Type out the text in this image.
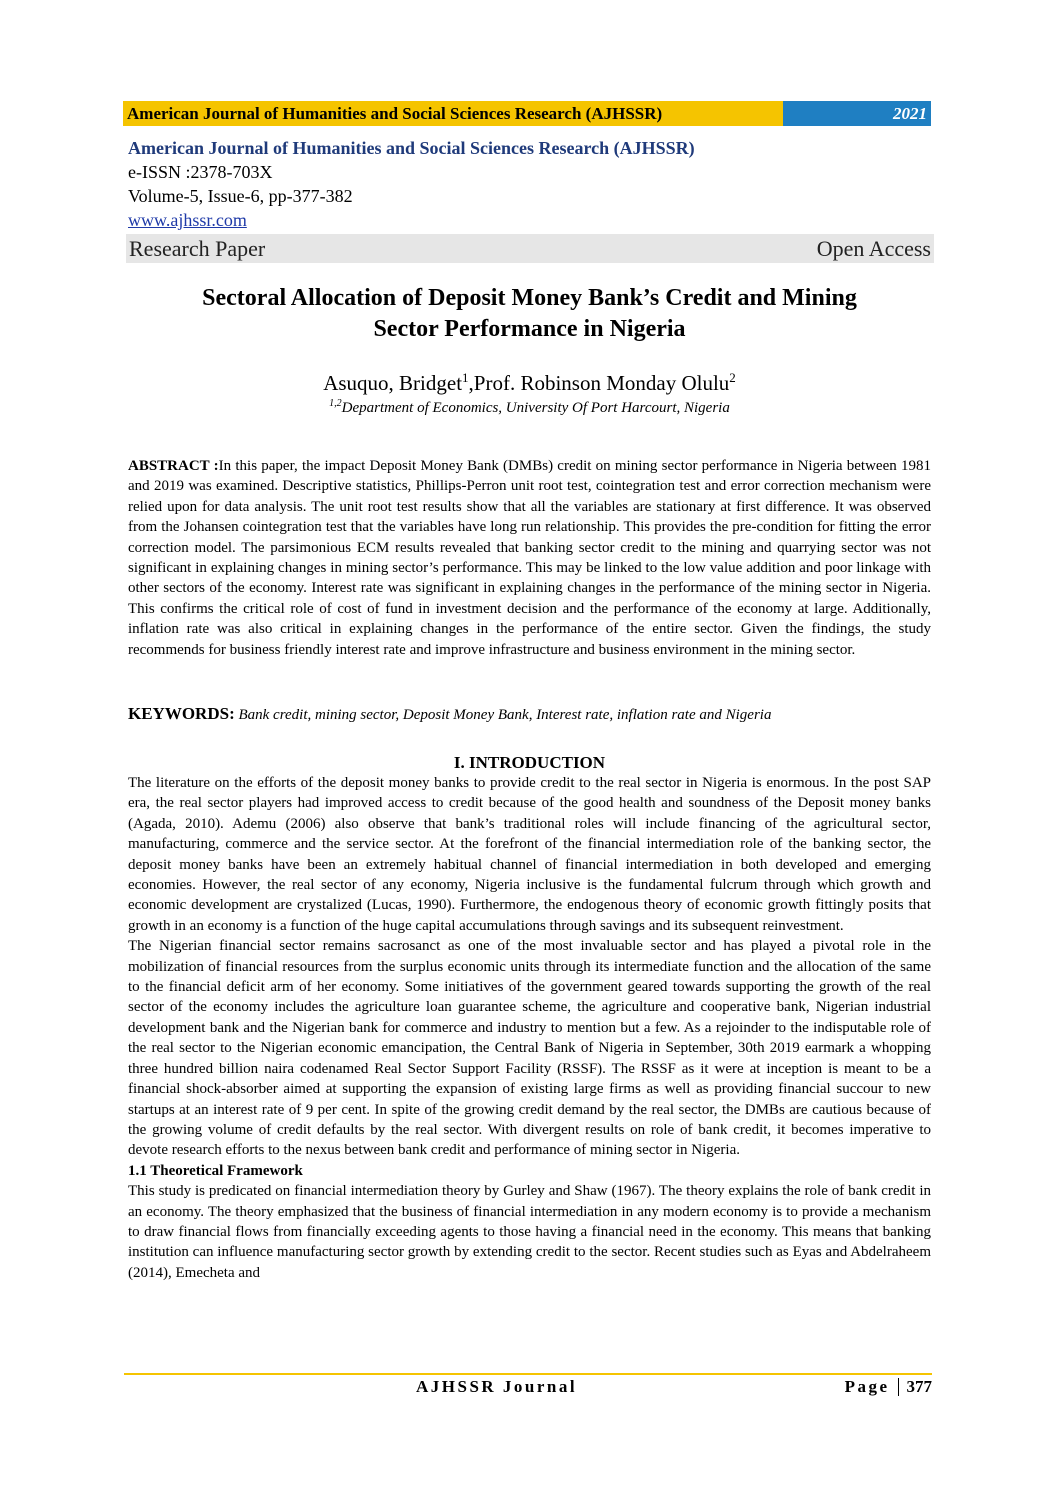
American Journal of Humanities and Social Sciences Research (AJHSSR)	2021
American Journal of Humanities and Social Sciences Research (AJHSSR)
e-ISSN :2378-703X
Volume-5, Issue-6, pp-377-382
www.ajhssr.com
Research Paper	Open Access
Sectoral Allocation of Deposit Money Bank’s Credit and Mining
Sector Performance in Nigeria
Asuquo, Bridget$^1$,Prof. Robinson Monday Olulu$^2$
$^{1,2}$Department of Economics, University Of Port Harcourt, Nigeria
ABSTRACT :In this paper, the impact Deposit Money Bank (DMBs) credit on mining sector performance in Nigeria between 1981 and 2019 was examined. Descriptive statistics, Phillips-Perron unit root test, cointegration test and error correction mechanism were relied upon for data analysis. The unit root test results show that all the variables are stationary at first difference. It was observed from the Johansen cointegration test that the variables have long run relationship. This provides the pre-condition for fitting the error correction model. The parsimonious ECM results revealed that banking sector credit to the mining and quarrying sector was not significant in explaining changes in mining sector’s performance. This may be linked to the low value addition and poor linkage with other sectors of the economy. Interest rate was significant in explaining changes in the performance of the mining sector in Nigeria. This confirms the critical role of cost of fund in investment decision and the performance of the economy at large. Additionally, inflation rate was also critical in explaining changes in the performance of the entire sector. Given the findings, the study recommends for business friendly interest rate and improve infrastructure and business environment in the mining sector.
KEYWORDS: Bank credit, mining sector, Deposit Money Bank, Interest rate, inflation rate and Nigeria
I. INTRODUCTION

The literature on the efforts of the deposit money banks to provide credit to the real sector in Nigeria is enormous. In the post SAP era, the real sector players had improved access to credit because of the good health and soundness of the Deposit money banks (Agada, 2010). Ademu (2006) also observe that bank’s traditional roles will include financing of the agricultural sector, manufacturing, commerce and the service sector. At the forefront of the financial intermediation role of the banking sector, the deposit money banks have been an extremely habitual channel of financial intermediation in both developed and emerging economies. However, the real sector of any economy, Nigeria inclusive is the fundamental fulcrum through which growth and economic development are crystalized (Lucas, 1990). Furthermore, the endogenous theory of economic growth fittingly posits that growth in an economy is a function of the huge capital accumulations through savings and its subsequent reinvestment.

The Nigerian financial sector remains sacrosanct as one of the most invaluable sector and has played a pivotal role in the mobilization of financial resources from the surplus economic units through its intermediate function and the allocation of the same to the financial deficit arm of her economy. Some initiatives of the government geared towards supporting the growth of the real sector of the economy includes the agriculture loan guarantee scheme, the agriculture and cooperative bank, Nigerian industrial development bank and the Nigerian bank for commerce and industry to mention but a few. As a rejoinder to the indisputable role of the real sector to the Nigerian economic emancipation, the Central Bank of Nigeria in September, 30th 2019 earmark a whopping three hundred billion naira codenamed Real Sector Support Facility (RSSF). The RSSF as it were at inception is meant to be a financial shock-absorber aimed at supporting the expansion of existing large firms as well as providing financial succour to new startups at an interest rate of 9 per cent. In spite of the growing credit demand by the real sector, the DMBs are cautious because of the growing volume of credit defaults by the real sector. With divergent results on role of bank credit, it becomes imperative to devote research efforts to the nexus between bank credit and performance of mining sector in Nigeria.

1.1 Theoretical Framework

This study is predicated on financial intermediation theory by Gurley and Shaw (1967). The theory explains the role of bank credit in an economy. The theory emphasized that the business of financial intermediation in any modern economy is to provide a mechanism to draw financial flows from financially exceeding agents to those having a financial need in the economy. This means that banking institution can influence manufacturing sector growth by extending credit to the sector. Recent studies such as Eyas and Abdelraheem (2014), Emecheta and

AJHSSR Journal	Page 377
